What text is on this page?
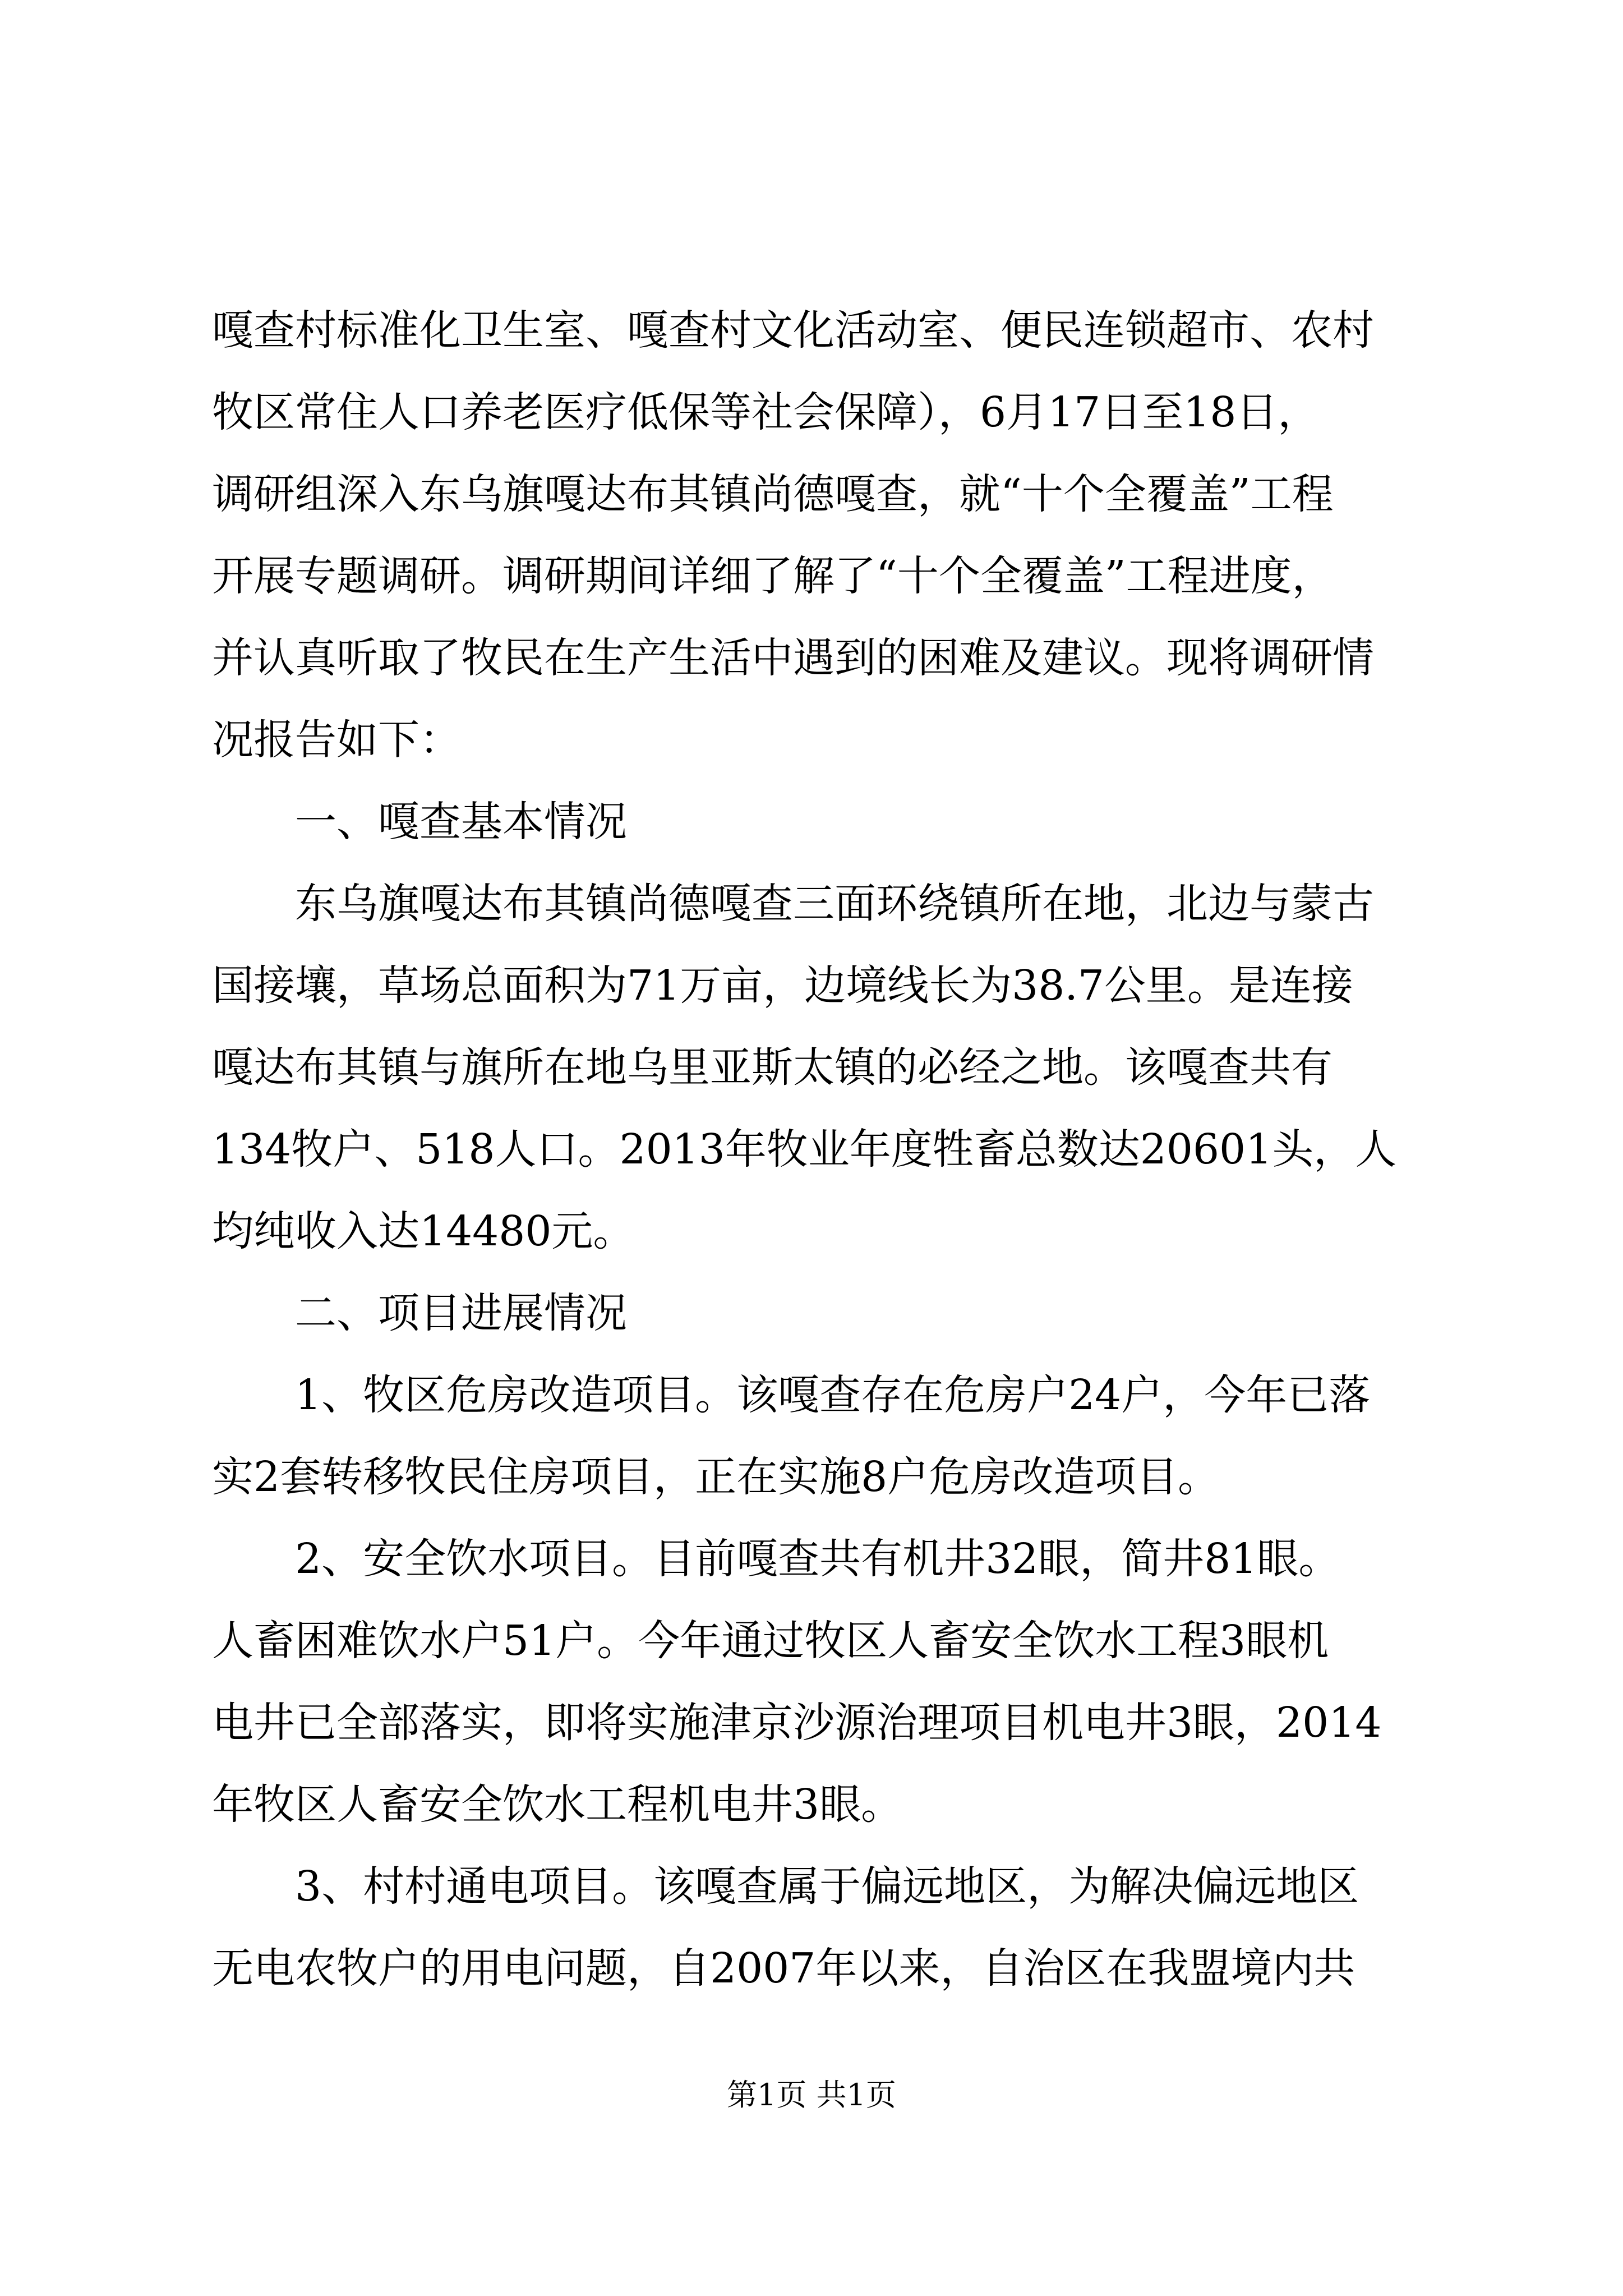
嘎查村标准化卫生室、嘎查村文化活动室、便民连锁超市、农村
牧区常住人口养老医疗低保等社会保障），6月17日至18日，
调研组深入东乌旗嘎达布其镇尚德嘎查，就“十个全覆盖”工程
开展专题调研。调研期间详细了解了“十个全覆盖”工程进度，
并认真听取了牧民在生产生活中遇到的困难及建议。现将调研情
况报告如下：
一、嘎查基本情况
东乌旗嘎达布其镇尚德嘎查三面环绕镇所在地，北边与蒙古
国接壤，草场总面积为71万亩，边境线长为38.7公里。是连接
嘎达布其镇与旗所在地乌里亚斯太镇的必经之地。该嘎查共有
134牧户、518人口。2013年牧业年度牲畜总数达20601头，人
均纯收入达14480元。
二、项目进展情况
1、牧区危房改造项目。该嘎查存在危房户24户，今年已落
实2套转移牧民住房项目，正在实施8户危房改造项目。
2、安全饮水项目。目前嘎查共有机井32眼，简井81眼。
人畜困难饮水户51户。今年通过牧区人畜安全饮水工程3眼机
电井已全部落实，即将实施津京沙源治理项目机电井3眼，2014
年牧区人畜安全饮水工程机电井3眼。
3、村村通电项目。该嘎查属于偏远地区，为解决偏远地区
无电农牧户的用电问题，自2007年以来，自治区在我盟境内共
第1页 共1页
